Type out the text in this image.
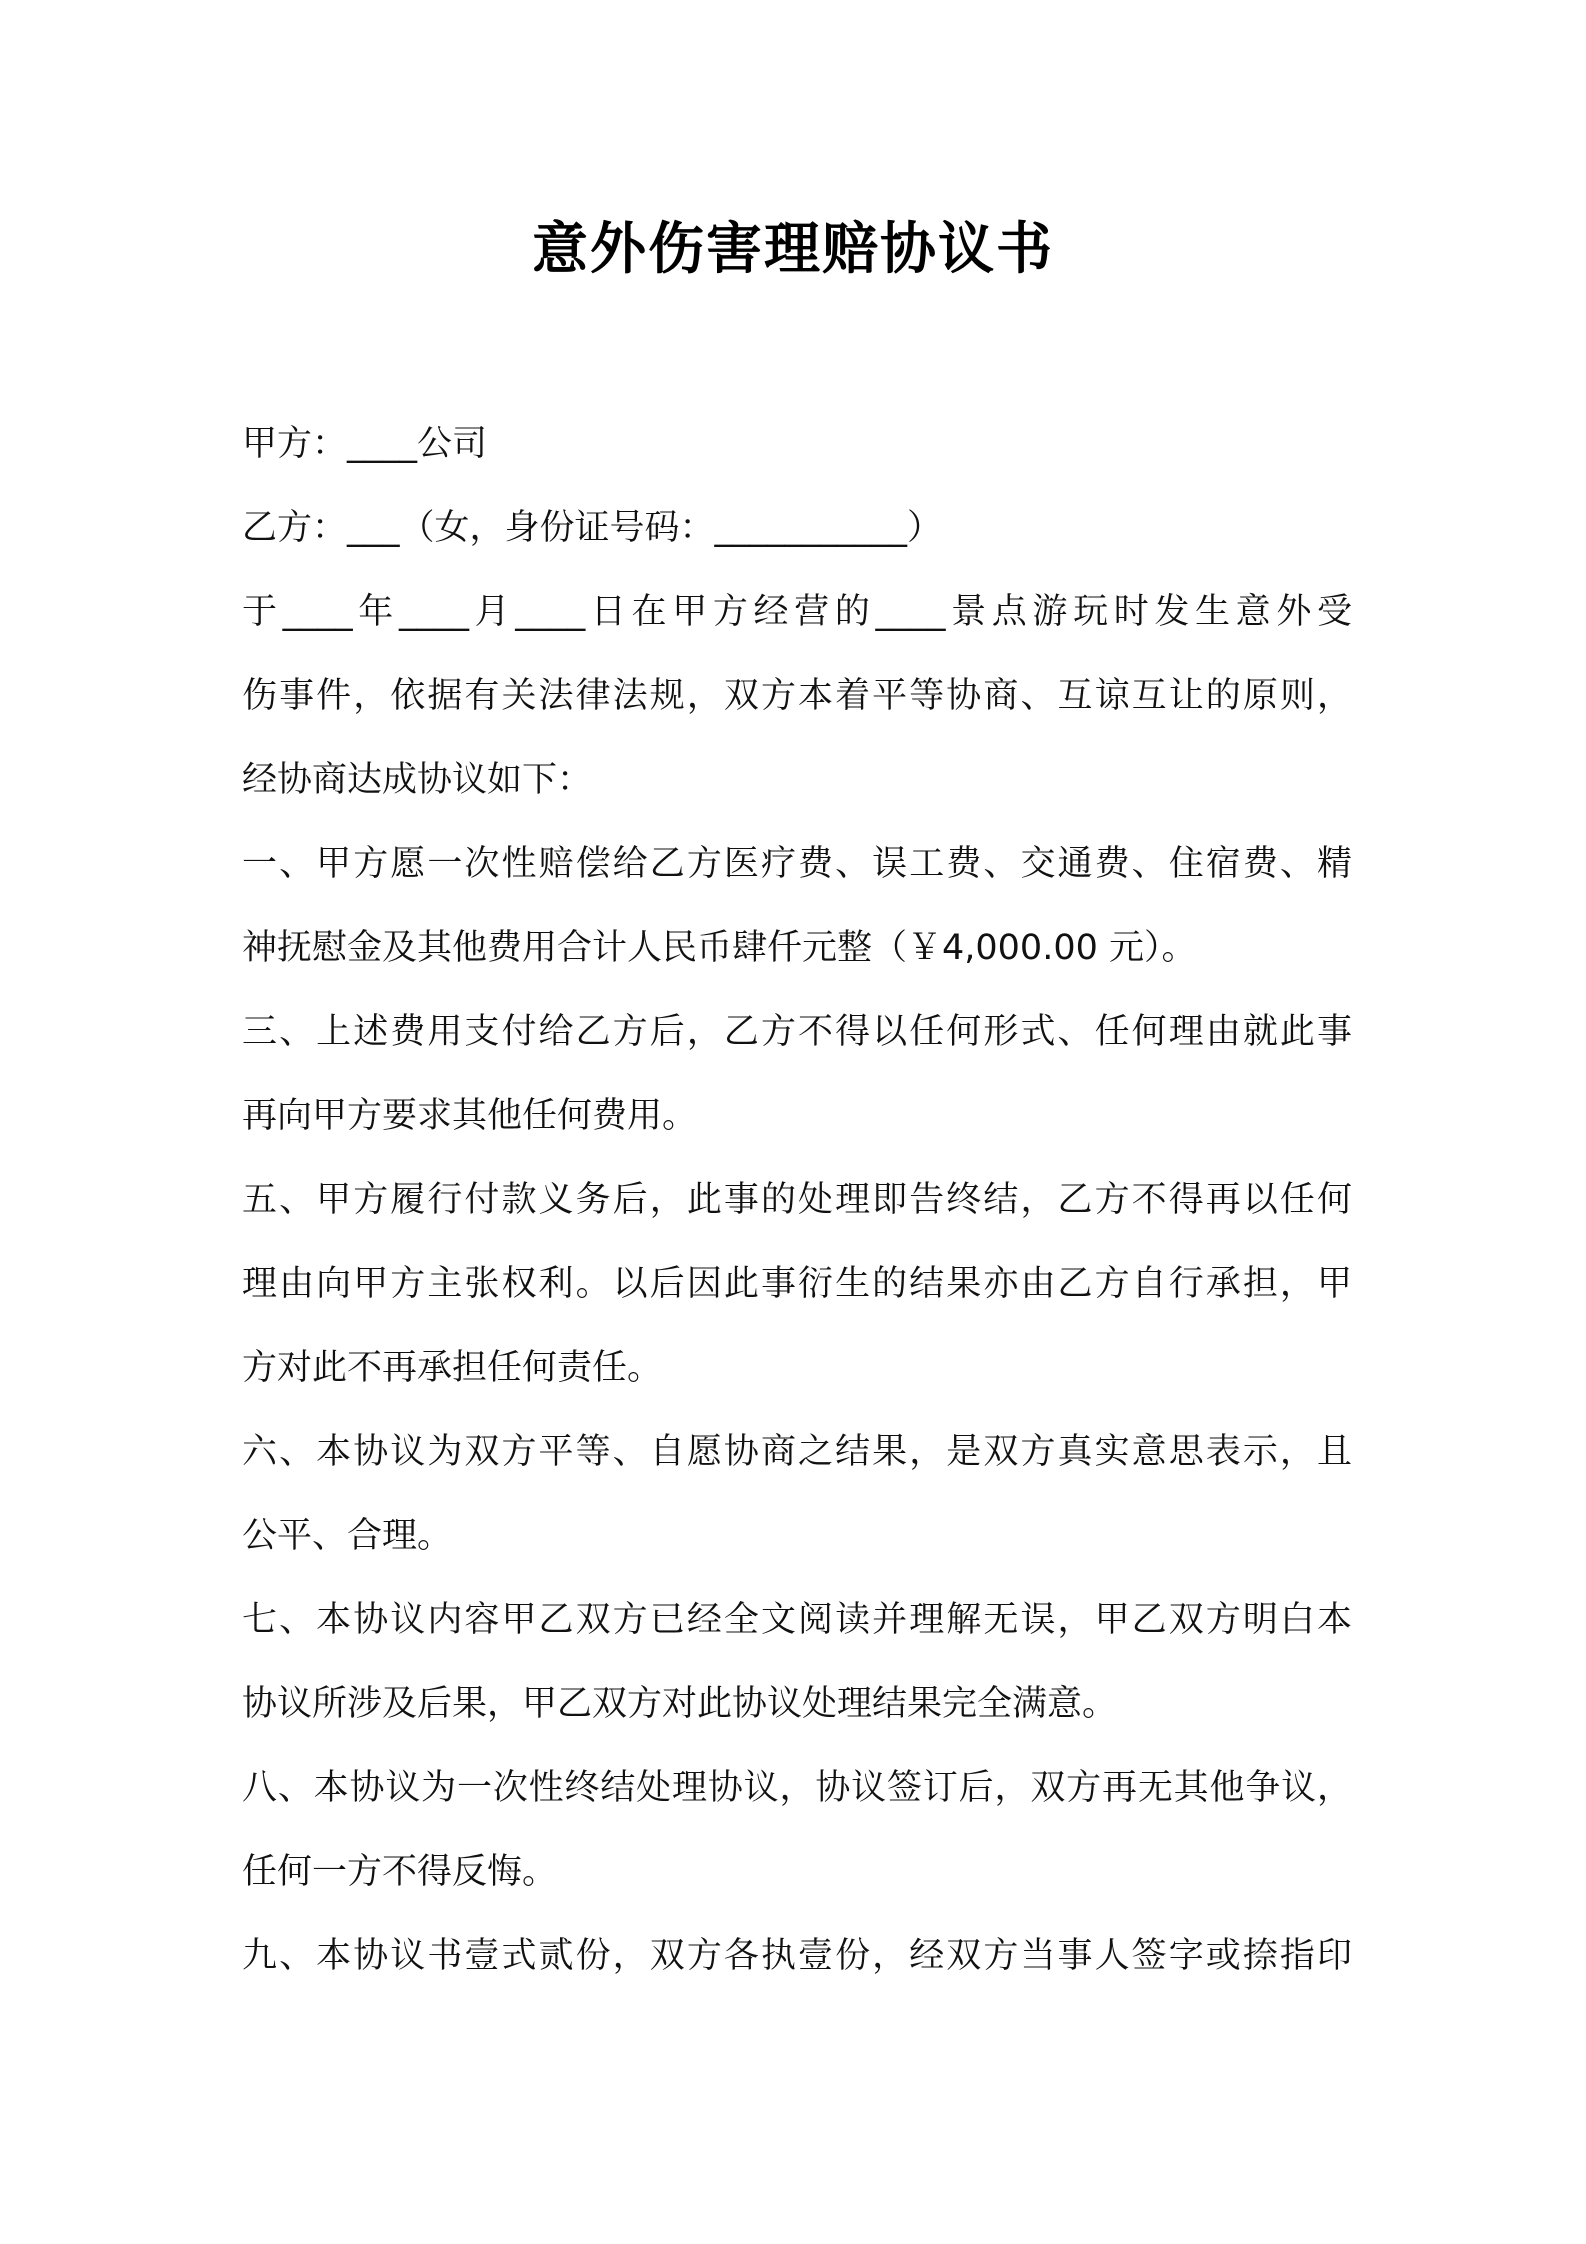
意外伤害理赔协议书
甲方：____公司
乙方：___（女，身份证号码：___________）
于____年____月____日在甲方经营的____景点游玩时发生意外受
伤事件，依据有关法律法规，双方本着平等协商、互谅互让的原则，
经协商达成协议如下：
一、甲方愿一次性赔偿给乙方医疗费、误工费、交通费、住宿费、精
神抚慰金及其他费用合计人民币肆仟元整（￥4,000.00 元）。
三、上述费用支付给乙方后，乙方不得以任何形式、任何理由就此事
再向甲方要求其他任何费用。
五、甲方履行付款义务后，此事的处理即告终结，乙方不得再以任何
理由向甲方主张权利。以后因此事衍生的结果亦由乙方自行承担，甲
方对此不再承担任何责任。
六、本协议为双方平等、自愿协商之结果，是双方真实意思表示，且
公平、合理。
七、本协议内容甲乙双方已经全文阅读并理解无误，甲乙双方明白本
协议所涉及后果，甲乙双方对此协议处理结果完全满意。
八、本协议为一次性终结处理协议，协议签订后，双方再无其他争议，
任何一方不得反悔。
九、本协议书壹式贰份，双方各执壹份，经双方当事人签字或捺指印
